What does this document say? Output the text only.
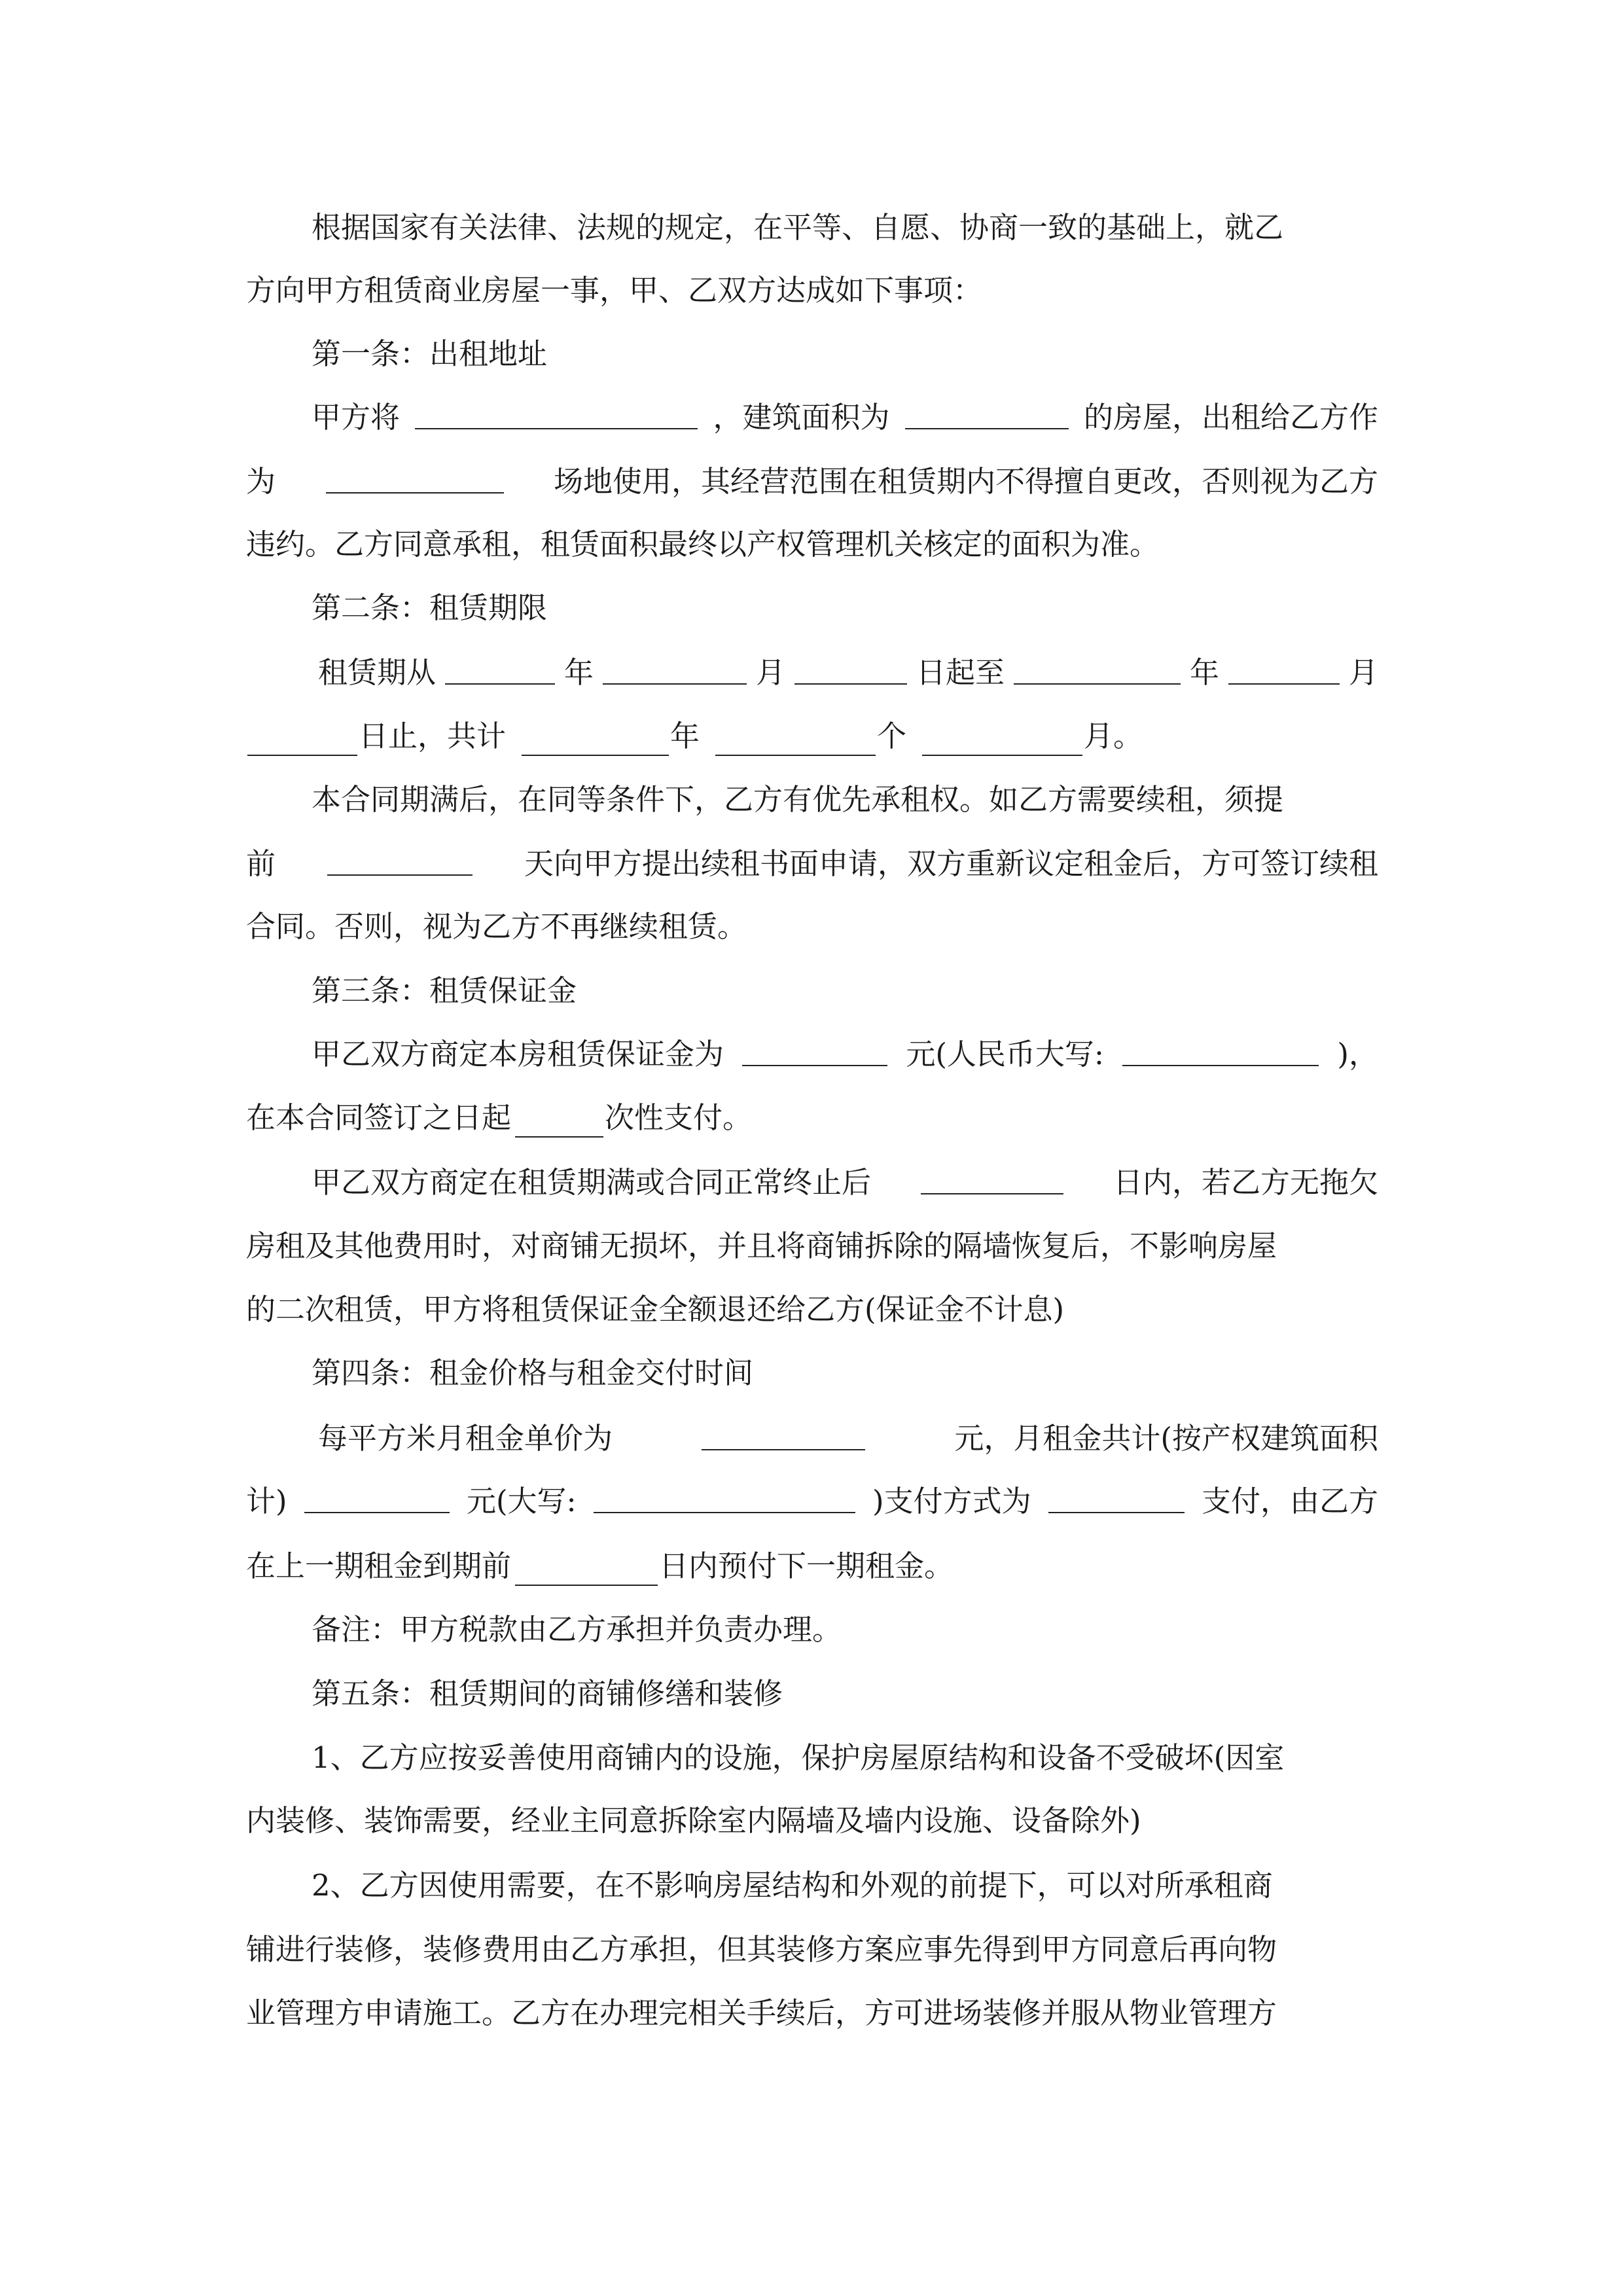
根据国家有关法律、法规的规定，在平等、自愿、协商一致的基础上，就乙
方向甲方租赁商业房屋一事，甲、乙双方达成如下事项：
第一条：出租地址
甲方将	，建筑面积为	的房屋，出租给乙方作
为	场地使用，其经营范围在租赁期内不得擅自更改，否则视为乙方
违约。乙方同意承租，租赁面积最终以产权管理机关核定的面积为准。
第二条：租赁期限
租赁期从	年	月	日起至	年	月
日止，共计	年	个	月。
本合同期满后，在同等条件下，乙方有优先承租权。如乙方需要续租，须提
前	天向甲方提出续租书面申请，双方重新议定租金后，方可签订续租
合同。否则，视为乙方不再继续租赁。
第三条：租赁保证金
甲乙双方商定本房租赁保证金为	元(人民币大写:	)，
在本合同签订之日起	次性支付。
甲乙双方商定在租赁期满或合同正常终止后	日内，若乙方无拖欠
房租及其他费用时，对商铺无损坏，并且将商铺拆除的隔墙恢复后，不影响房屋
的二次租赁，甲方将租赁保证金全额退还给乙方(保证金不计息)
第四条：租金价格与租金交付时间
每平方米月租金单价为	元，月租金共计(按产权建筑面积
计)	元(大写:	)支付方式为	支付，由乙方
在上一期租金到期前	日内预付下一期租金。
备注：甲方税款由乙方承担并负责办理。
第五条：租赁期间的商铺修缮和装修
1、乙方应按妥善使用商铺内的设施，保护房屋原结构和设备不受破坏(因室
内装修、装饰需要，经业主同意拆除室内隔墙及墙内设施、设备除外)
2、乙方因使用需要，在不影响房屋结构和外观的前提下，可以对所承租商
铺进行装修，装修费用由乙方承担，但其装修方案应事先得到甲方同意后再向物
业管理方申请施工。乙方在办理完相关手续后，方可进场装修并服从物业管理方
